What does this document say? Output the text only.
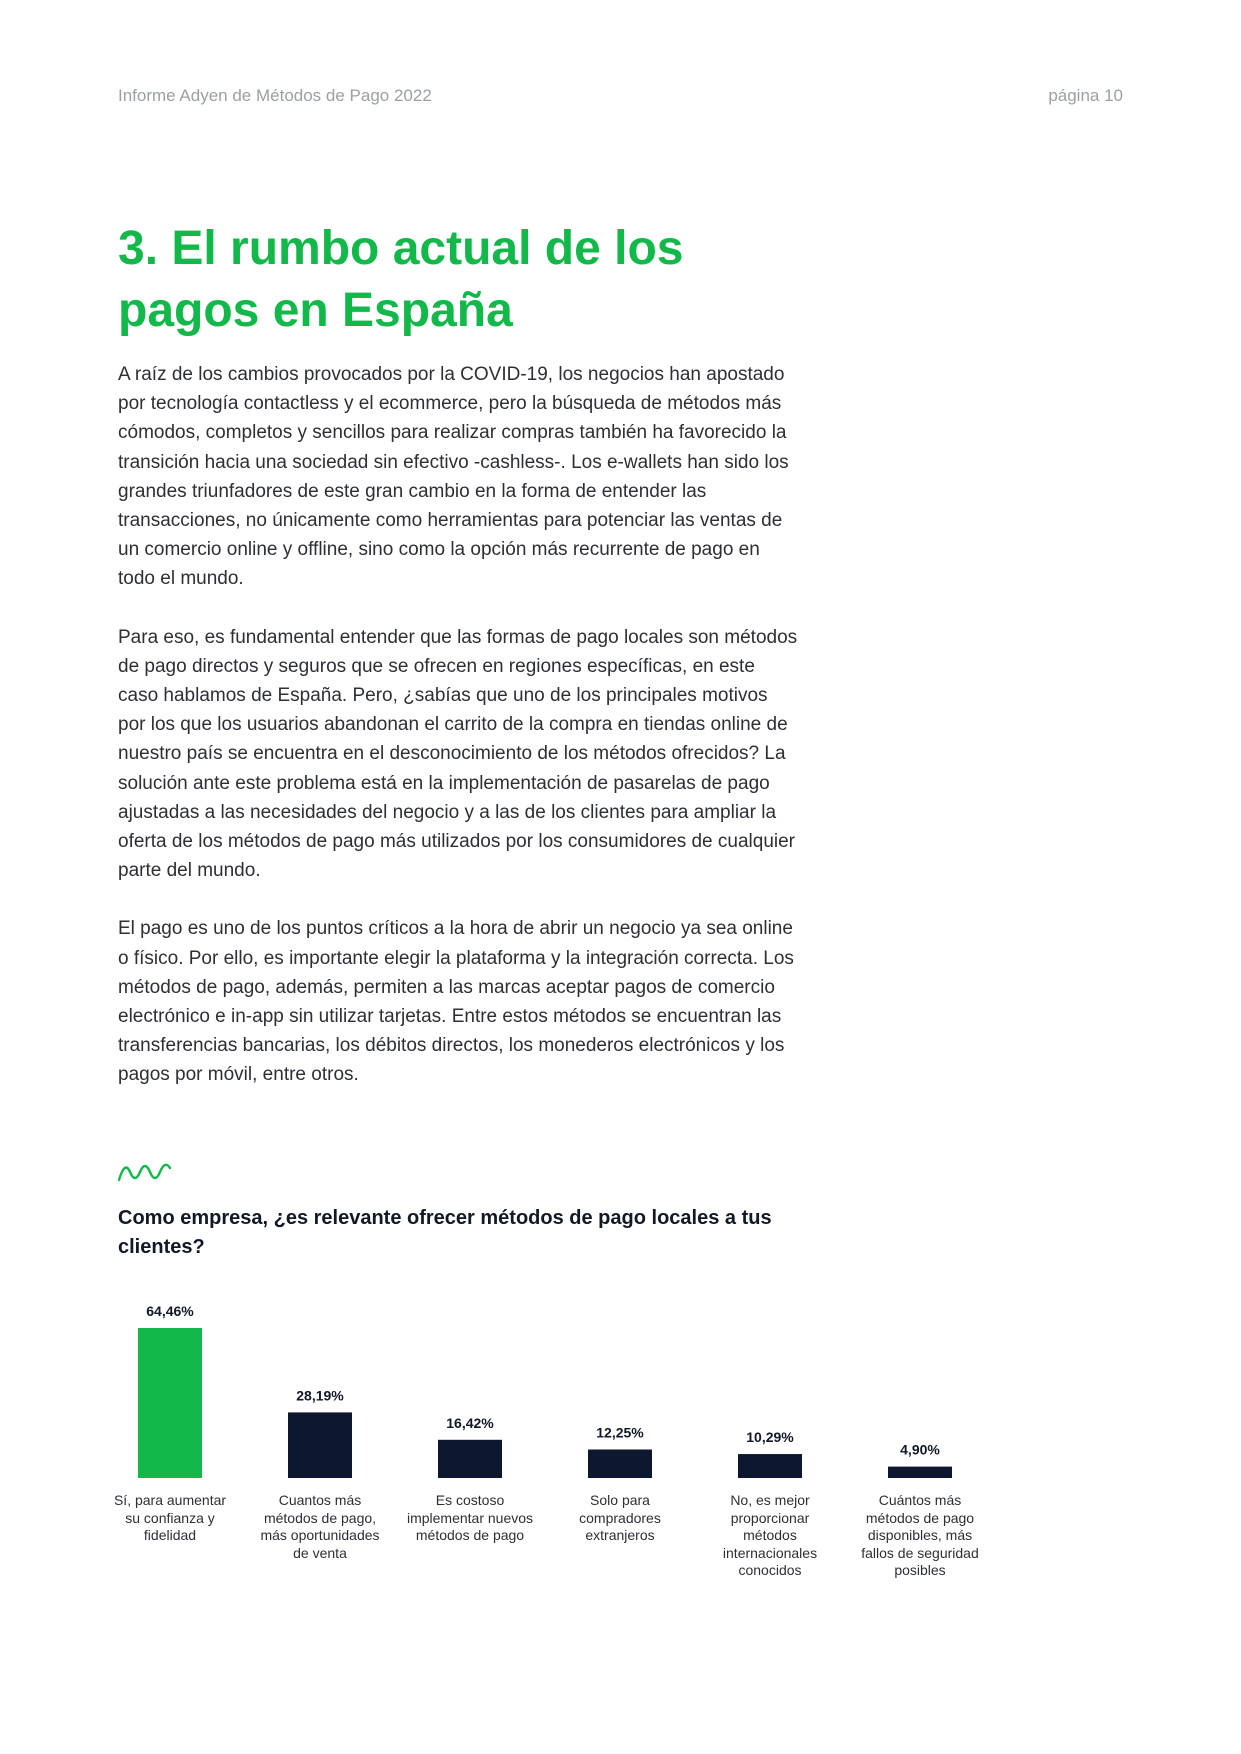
Informe Adyen de Métodos de Pago 2022	página 10
3. El rumbo actual de los pagos en España

A raíz de los cambios provocados por la COVID-19, los negocios han apostado por tecnología contactless y el ecommerce, pero la búsqueda de métodos más cómodos, completos y sencillos para realizar compras también ha favorecido la transición hacia una sociedad sin efectivo -cashless-. Los e-wallets han sido los grandes triunfadores de este gran cambio en la forma de entender las transacciones, no únicamente como herramientas para potenciar las ventas de un comercio online y offline, sino como la opción más recurrente de pago en todo el mundo.

Para eso, es fundamental entender que las formas de pago locales son métodos de pago directos y seguros que se ofrecen en regiones específicas, en este caso hablamos de España. Pero, ¿sabías que uno de los principales motivos por los que los usuarios abandonan el carrito de la compra en tiendas online de nuestro país se encuentra en el desconocimiento de los métodos ofrecidos? La solución ante este problema está en la implementación de pasarelas de pago ajustadas a las necesidades del negocio y a las de los clientes para ampliar la oferta de los métodos de pago más utilizados por los consumidores de cualquier parte del mundo.

El pago es uno de los puntos críticos a la hora de abrir un negocio ya sea online o físico. Por ello, es importante elegir la plataforma y la integración correcta. Los métodos de pago, además, permiten a las marcas aceptar pagos de comercio electrónico e in-app sin utilizar tarjetas. Entre estos métodos se encuentran las transferencias bancarias, los débitos directos, los monederos electrónicos y los pagos por móvil, entre otros.

Como empresa, ¿es relevante ofrecer métodos de pago locales a tus clientes?
64,46%
28,19%
16,42%
12,25%	10,29%
4,90%
Sí, para aumentar su confianza y fidelidad
Cuantos más métodos de pago, más oportunidades de venta
Es costoso implementar nuevos métodos de pago
Solo para compradores extranjeros
No, es mejor proporcionar métodos internacionales conocidos
Cuántos más métodos de pago disponibles, más fallos de seguridad posibles
